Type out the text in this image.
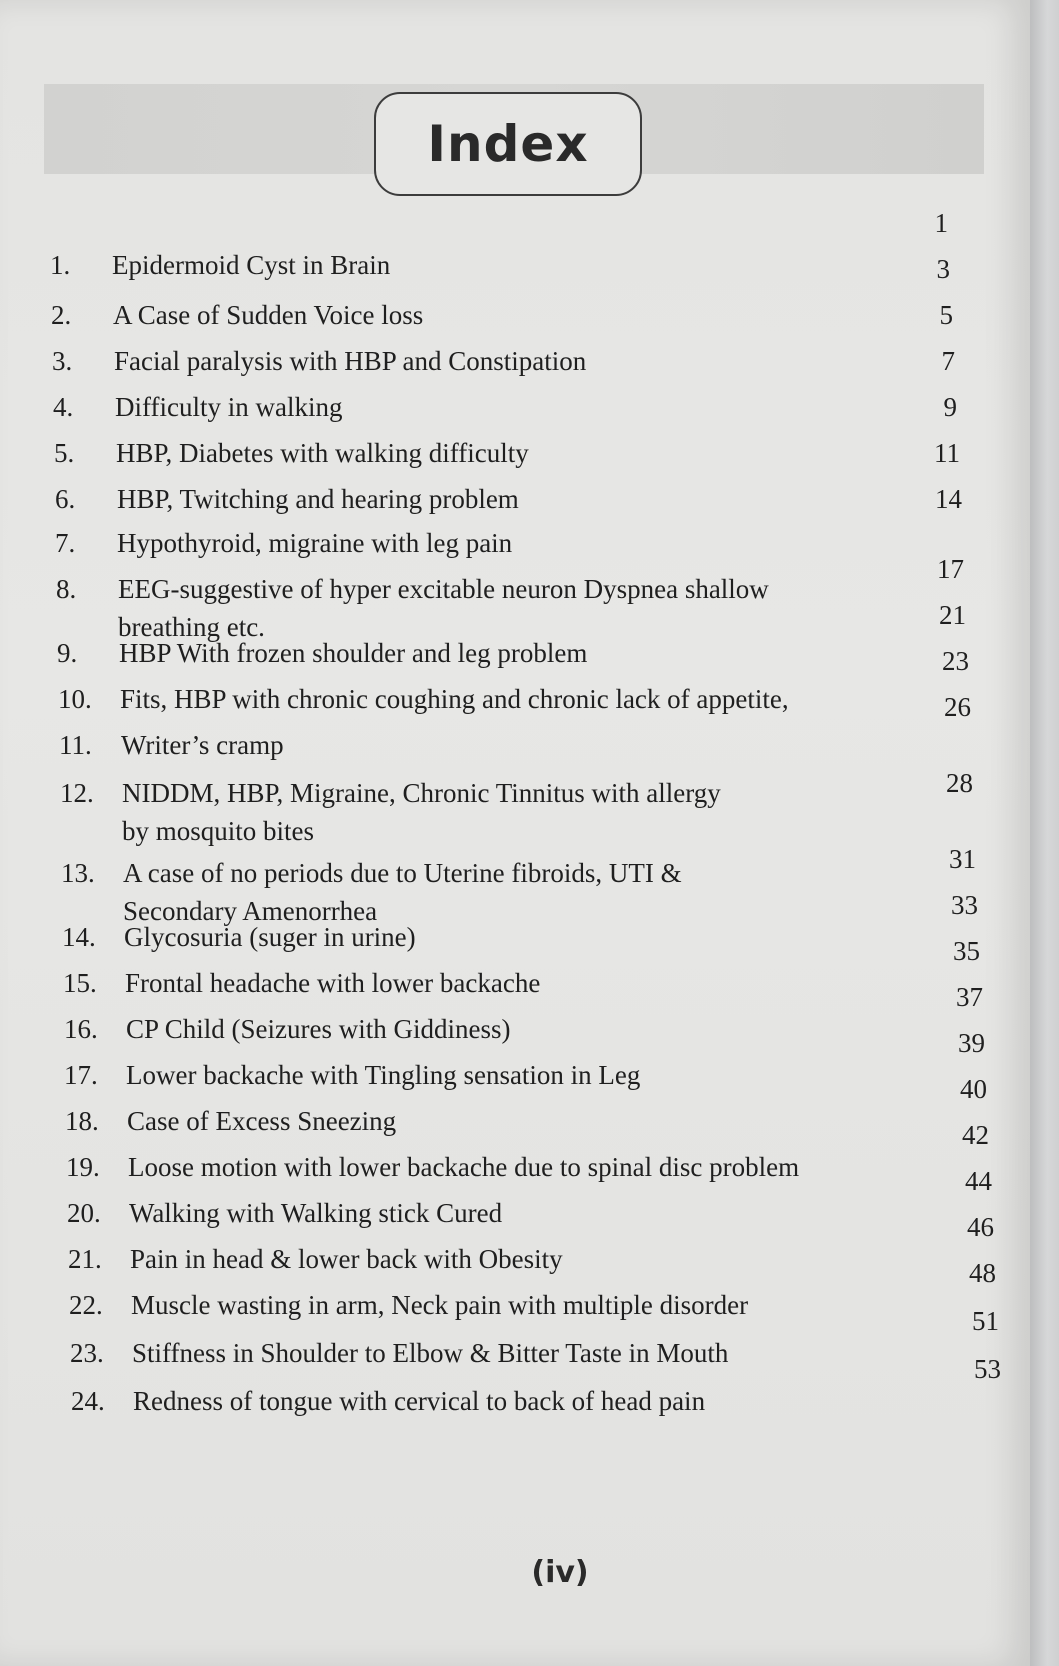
Index
1. Epidermoid Cyst in Brain
1
2. A Case of Sudden Voice loss
3
3. Facial paralysis with HBP and Constipation
5
4. Difficulty in walking
7
5. HBP, Diabetes with walking difficulty
9
6. HBP, Twitching and hearing problem
11
7. Hypothyroid, migraine with leg pain
14
8. EEG-suggestive of hyper excitable neuron Dyspnea shallow
breathing etc.
17
9. HBP With frozen shoulder and leg problem
21
10. Fits, HBP with chronic coughing and chronic lack of appetite,
23
11. Writer’s cramp
26
12. NIDDM, HBP, Migraine, Chronic Tinnitus with allergy
by mosquito bites
28
13. A case of no periods due to Uterine fibroids, UTI &
Secondary Amenorrhea
31
14. Glycosuria (suger in urine)
33
15. Frontal headache with lower backache
35
16. CP Child (Seizures with Giddiness)
37
17. Lower backache with Tingling sensation in Leg
39
18. Case of Excess Sneezing
40
19. Loose motion with lower backache due to spinal disc problem
42
20. Walking with Walking stick Cured
44
21. Pain in head & lower back with Obesity
46
22. Muscle wasting in arm, Neck pain with multiple disorder
48
23. Stiffness in Shoulder to Elbow & Bitter Taste in Mouth
51
24. Redness of tongue with cervical to back of head pain
53
(iv)
